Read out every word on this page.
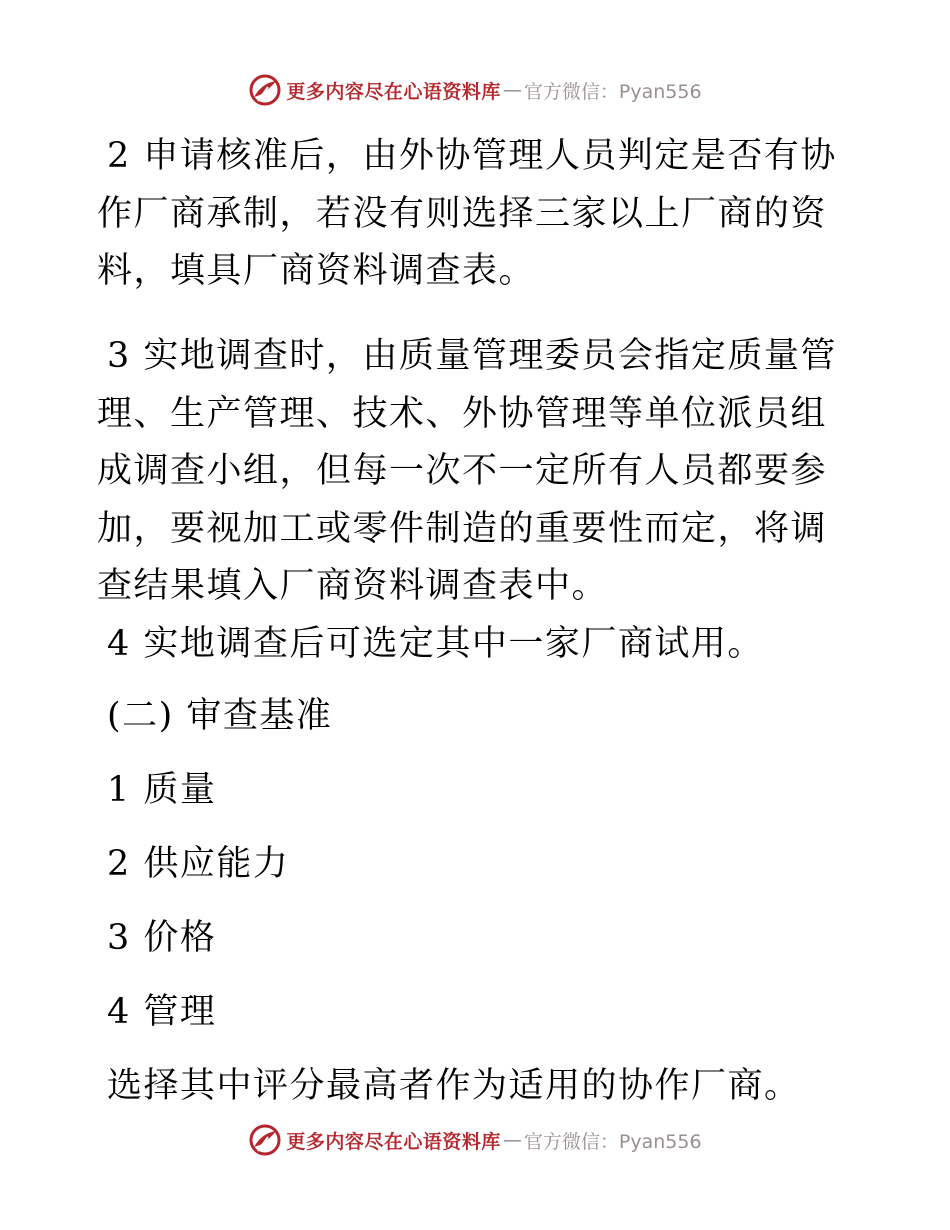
更多内容尽在心语资料库 — 官方微信：Pyan556

2 申请核准后，由外协管理人员判定是否有协作厂商承制，若没有则选择三家以上厂商的资料，填具厂商资料调查表。

3 实地调查时，由质量管理委员会指定质量管理、生产管理、技术、外协管理等单位派员组成调查小组，但每一次不一定所有人员都要参加，要视加工或零件制造的重要性而定，将调查结果填入厂商资料调查表中。

4 实地调查后可选定其中一家厂商试用。

(二) 审查基准

1 质量

2 供应能力

3 价格

4 管理

选择其中评分最高者作为适用的协作厂商。

更多内容尽在心语资料库 — 官方微信：Pyan556
